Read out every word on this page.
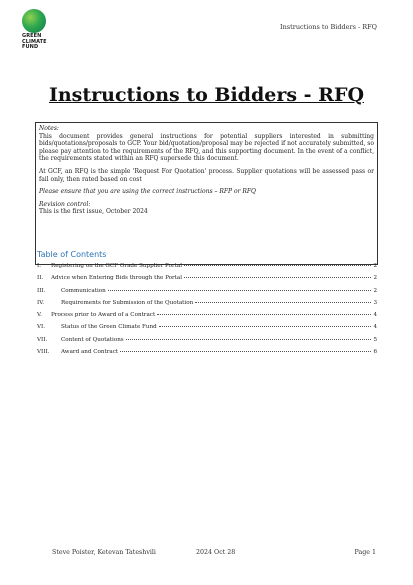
GREEN
CLIMATE
FUND
Instructions to Bidders - RFQ
Instructions to Bidders - RFQ

Notes:

This document provides general instructions for potential suppliers interested in submitting bids/quotations/proposals to GCP. Your bid/quotation/proposal may be rejected if not accurately submitted, so please pay attention to the requirements of the RFQ, and this supporting document. In the event of a conflict, the requirements stated within an RFQ supersede this document.

At GCF, an RFQ is the simple 'Request For Quotation' process. Supplier quotations will be assessed pass or fail only, then rated based on cost

Please ensure that you are using the correct instructions – RFP or RFQ

Revision control:

This is the first issue, October 2024

Table of Contents
I.	Registering on the GCF Orade Supplier Portal	2
II.	Advice when Entering Bids through the Portal	2
III.	Communication	2
IV.	Requirements for Submission of the Quotation	3
V.	Process prior to Award of a Contract	4
VI.	Status of the Green Climate Fund	4
VII.	Content of Quotations	5
VIII.	Award and Contract	6
Steve Poister, Ketevan Tateshvili	2024 Oct 28	Page 1
